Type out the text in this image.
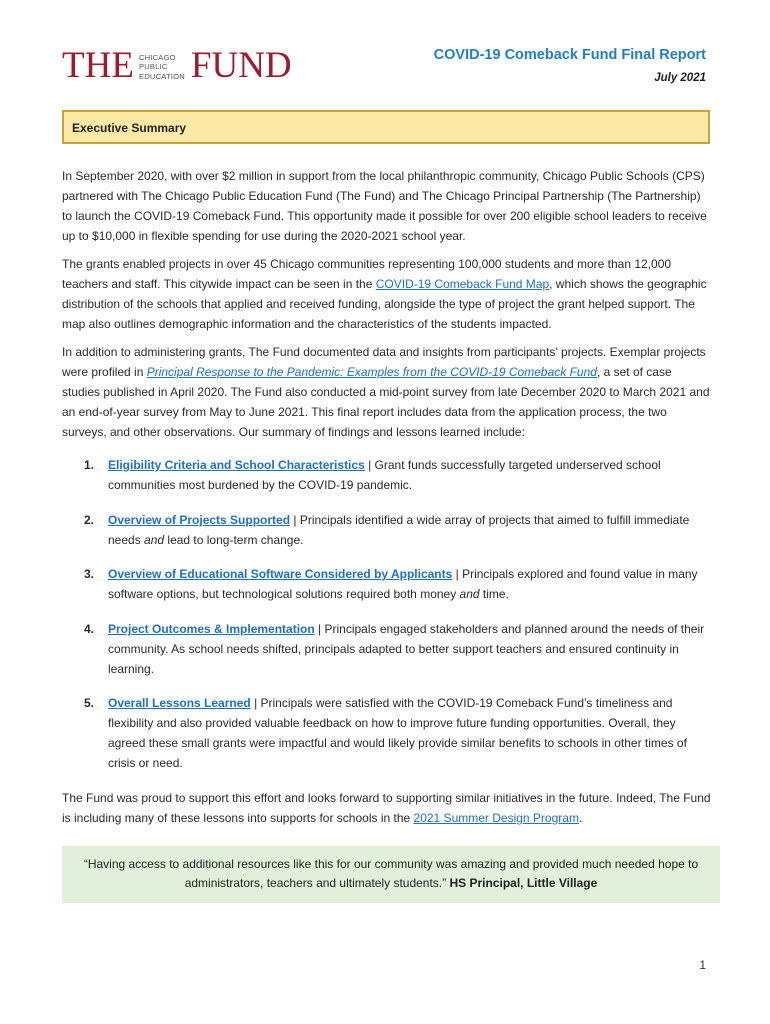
THE CHICAGO
PUBLIC
EDUCATION FUND	COVID-19 Comeback Fund Final Report
July 2021
Executive Summary
In September 2020, with over $2 million in support from the local philanthropic community, Chicago Public Schools (CPS) partnered with The Chicago Public Education Fund (The Fund) and The Chicago Principal Partnership (The Partnership) to launch the COVID-19 Comeback Fund. This opportunity made it possible for over 200 eligible school leaders to receive up to $10,000 in flexible spending for use during the 2020-2021 school year.
The grants enabled projects in over 45 Chicago communities representing 100,000 students and more than 12,000 teachers and staff. This citywide impact can be seen in the COVID-19 Comeback Fund Map, which shows the geographic distribution of the schools that applied and received funding, alongside the type of project the grant helped support. The map also outlines demographic information and the characteristics of the students impacted.
In addition to administering grants, The Fund documented data and insights from participants’ projects. Exemplar projects were profiled in Principal Response to the Pandemic: Examples from the COVID-19 Comeback Fund, a set of case studies published in April 2020. The Fund also conducted a mid-point survey from late December 2020 to March 2021 and an end-of-year survey from May to June 2021. This final report includes data from the application process, the two surveys, and other observations. Our summary of findings and lessons learned include:
1. Eligibility Criteria and School Characteristics | Grant funds successfully targeted underserved school communities most burdened by the COVID-19 pandemic.
2. Overview of Projects Supported | Principals identified a wide array of projects that aimed to fulfill immediate needs and lead to long-term change.
3. Overview of Educational Software Considered by Applicants | Principals explored and found value in many software options, but technological solutions required both money and time.
4. Project Outcomes & Implementation | Principals engaged stakeholders and planned around the needs of their community. As school needs shifted, principals adapted to better support teachers and ensured continuity in learning.
5. Overall Lessons Learned | Principals were satisfied with the COVID-19 Comeback Fund’s timeliness and flexibility and also provided valuable feedback on how to improve future funding opportunities. Overall, they agreed these small grants were impactful and would likely provide similar benefits to schools in other times of crisis or need.
The Fund was proud to support this effort and looks forward to supporting similar initiatives in the future. Indeed, The Fund is including many of these lessons into supports for schools in the 2021 Summer Design Program.
“Having access to additional resources like this for our community was amazing and provided much needed hope to administrators, teachers and ultimately students.” HS Principal, Little Village
1
